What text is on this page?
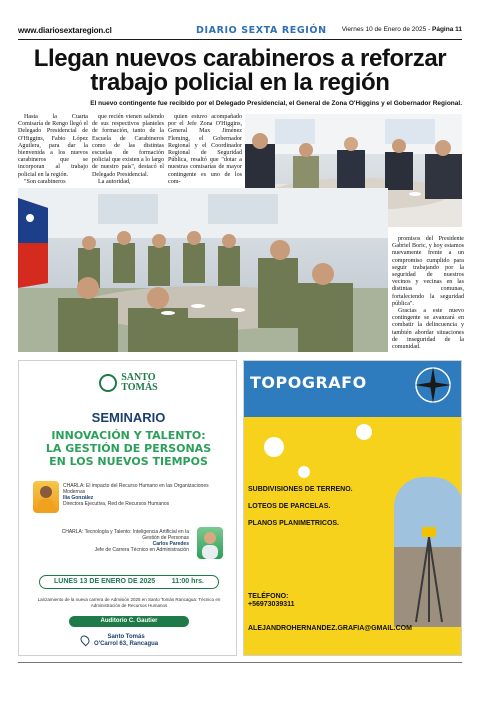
www.diariosextaregion.cl	DIARIO SEXTA REGIÓN Viernes 10 de Enero de 2025 - Página 11
Llegan nuevos carabineros a reforzar
trabajo policial en la región
El nuevo contingente fue recibido por el Delegado Presidencial, el General de Zona O'Higgins y el Gobernador Regional.

Hasta la Cuarta Comisaría de Rengo llegó el Delegado Presidencial de O'Higgins, Fabio López Aguilera, para dar la bienvenida a los nuevos carabineros que se incorporan al trabajo policial en la región.

"Son carabineros

que recién vienen saliendo de sus respectivos planteles de formación, tanto de la Escuela de Carabineros como de las distintas escuelas de formación policial que existen a lo largo de nuestro país", destacó el Delegado Presidencial.

La autoridad,

quien estuvo acompañado por el Jefe Zona O'Higgins, General Max Jiménez Fleming, el Gobernador Regional y el Coordinador Regional de Seguridad Pública, resaltó que "dotar a nuestras comisarías de mayor contingente es uno de los com-

promisos del Presidente Gabriel Boric, y hoy estamos nuevamente frente a un compromiso cumplido para seguir trabajando por la seguridad de nuestros vecinos y vecinas en las distintas comunas, fortaleciendo la seguridad pública".

Gracias a este nuevo contingente se avanzará en combatir la delincuencia y también abordar situaciones de inseguridad de la comunidad.

SANTO
TOMÁS
SEMINARIO
INNOVACIÓN Y TALENTO:
LA GESTIÓN DE PERSONAS
EN LOS NUEVOS TIEMPOS
CHARLA: El impacto del Recurso Humano en las Organizaciones Modernas
Ilia González
Directora Ejecutiva, Red de Recursos Humanos
CHARLA: Tecnología y Talento: Inteligencia Artificial en la Gestión de Personas
Carlos Paredes
Jefe de Carrera Técnico en Administración
LUNES 13 DE ENERO DE 2025 11:00 hrs.
Lanzamiento de la nueva carrera de Admisión 2025 en Santo Tomás Rancagua: Técnico en Administración de Recursos Humanos
Auditorio C. Gautier
Santo Tomás
O'Carrol 63, Rancagua
TOPOGRAFO
SUBDIVISIONES DE TERRENO.
LOTEOS DE PARCELAS.
PLANOS PLANIMETRICOS.
TELÉFONO:
+56973039311
ALEJANDROHERNANDEZ.GRAFIA@GMAIL.COM
